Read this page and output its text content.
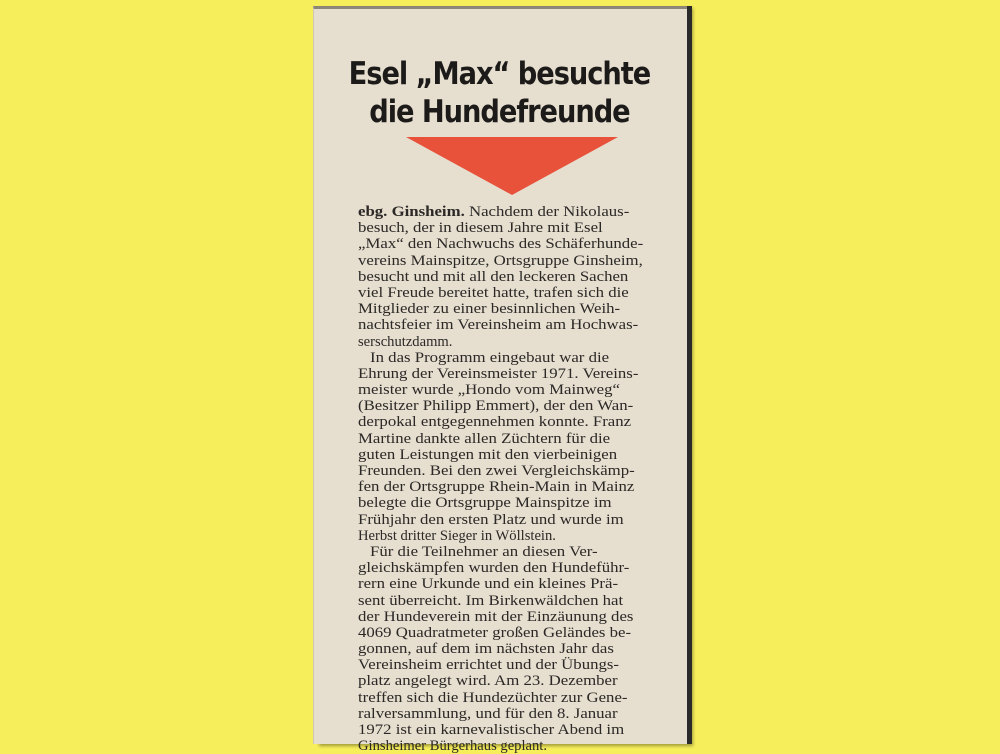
Esel „Max“ besuchte
die Hundefreunde
ebg. Ginsheim. Nachdem der Nikolaus-
besuch, der in diesem Jahre mit Esel
„Max“ den Nachwuchs des Schäferhunde-
vereins Mainspitze, Ortsgruppe Ginsheim,
besucht und mit all den leckeren Sachen
viel Freude bereitet hatte, trafen sich die
Mitglieder zu einer besinnlichen Weih-
nachtsfeier im Vereinsheim am Hochwas-
serschutzdamm.
In das Programm eingebaut war die
Ehrung der Vereinsmeister 1971. Vereins-
meister wurde „Hondo vom Mainweg“
(Besitzer Philipp Emmert), der den Wan-
derpokal entgegennehmen konnte. Franz
Martine dankte allen Züchtern für die
guten Leistungen mit den vierbeinigen
Freunden. Bei den zwei Vergleichskämp-
fen der Ortsgruppe Rhein-Main in Mainz
belegte die Ortsgruppe Mainspitze im
Frühjahr den ersten Platz und wurde im
Herbst dritter Sieger in Wöllstein.
Für die Teilnehmer an diesen Ver-
gleichskämpfen wurden den Hundeführ-
rern eine Urkunde und ein kleines Prä-
sent überreicht. Im Birkenwäldchen hat
der Hundeverein mit der Einzäunung des
4069 Quadratmeter großen Geländes be-
gonnen, auf dem im nächsten Jahr das
Vereinsheim errichtet und der Übungs-
platz angelegt wird. Am 23. Dezember
treffen sich die Hundezüchter zur Gene-
ralversammlung, und für den 8. Januar
1972 ist ein karnevalistischer Abend im
Ginsheimer Bürgerhaus geplant.
